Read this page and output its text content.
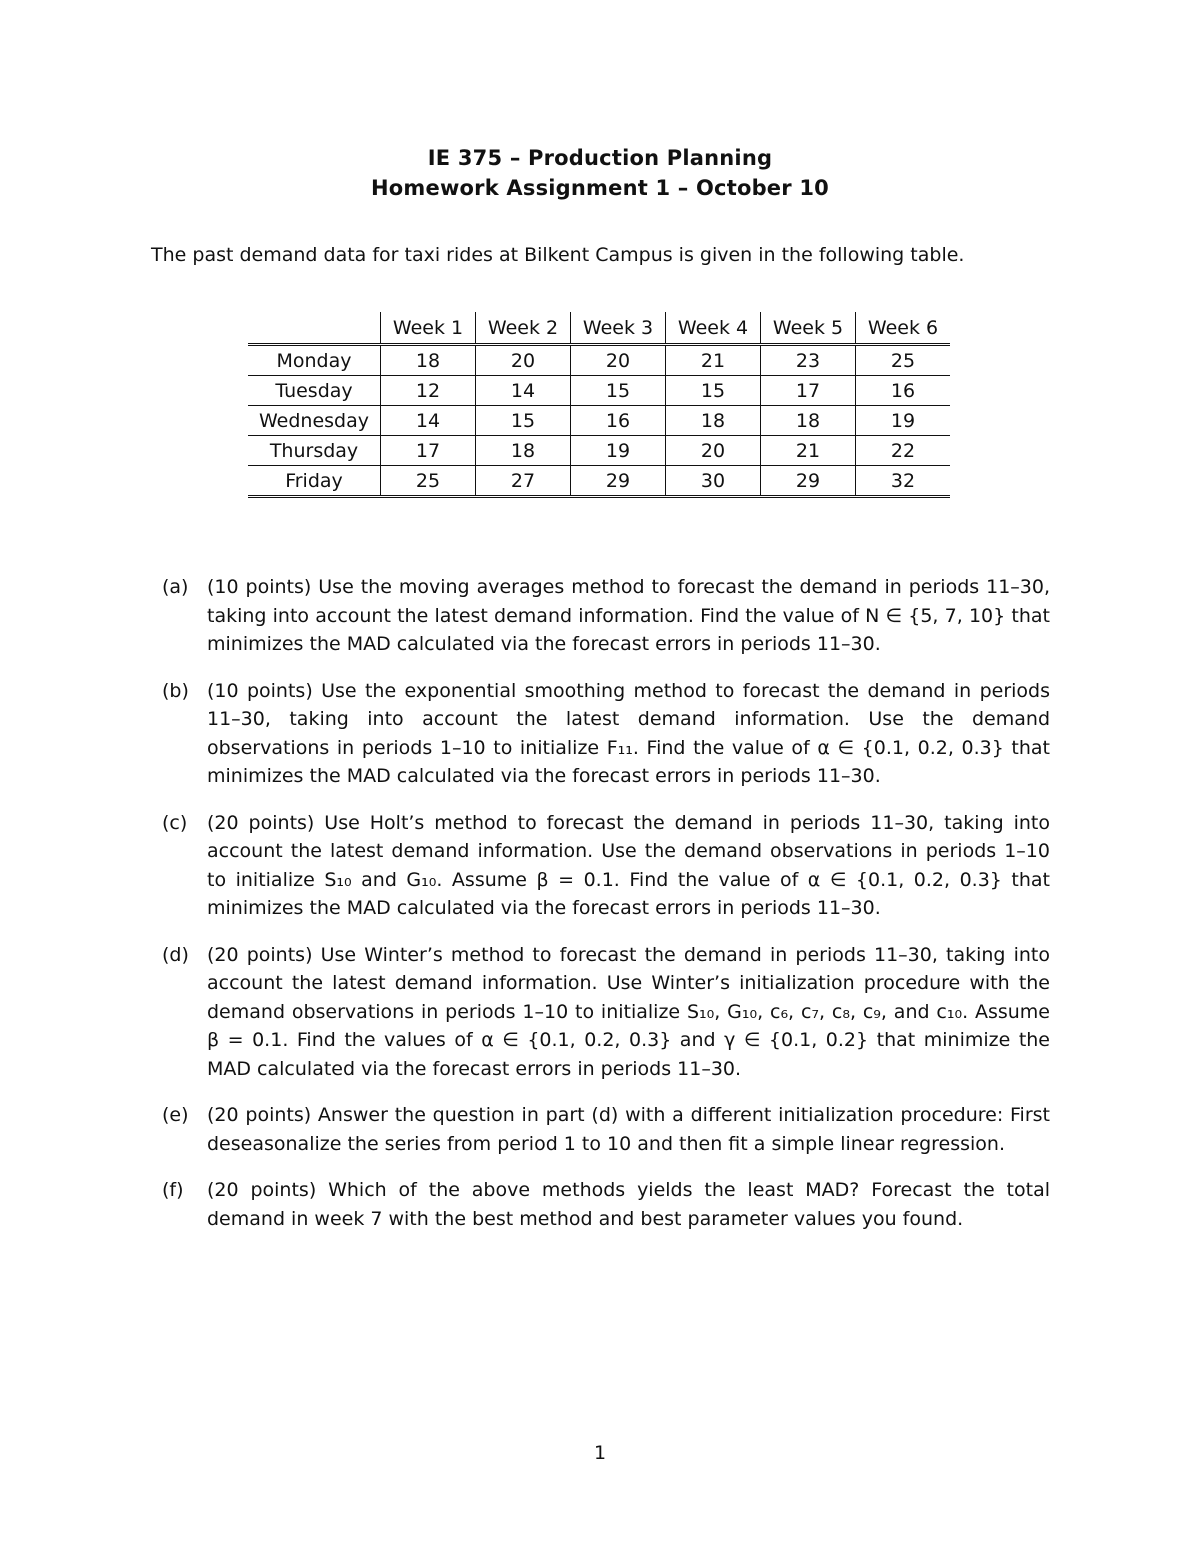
IE 375 – Production Planning
Homework Assignment 1 – October 10
The past demand data for taxi rides at Bilkent Campus is given in the following table.
	Week 1	Week 2	Week 3	Week 4	Week 5	Week 6
Monday	18	20	20	21	23	25
Tuesday	12	14	15	15	17	16
Wednesday	14	15	16	18	18	19
Thursday	17	18	19	20	21	22
Friday	25	27	29	30	29	32
(a) (10 points) Use the moving averages method to forecast the demand in periods 11–30, taking into account the latest demand information. Find the value of N ∈ {5, 7, 10} that minimizes the MAD calculated via the forecast errors in periods 11–30.
(b) (10 points) Use the exponential smoothing method to forecast the demand in periods 11–30, taking into account the latest demand information. Use the demand observations in periods 1–10 to initialize F₁₁. Find the value of α ∈ {0.1, 0.2, 0.3} that minimizes the MAD calculated via the forecast errors in periods 11–30.
(c)	(20 points) Use Holt’s method to forecast the demand in periods 11–30, taking into account the latest demand information. Use the demand observations in periods 1–10 to initialize S₁₀ and G₁₀. Assume β = 0.1. Find the value of α ∈ {0.1, 0.2, 0.3} that minimizes the MAD calculated via the forecast errors in periods 11–30.
(d) (20 points) Use Winter’s method to forecast the demand in periods 11–30, taking into account the latest demand information. Use Winter’s initialization procedure with the demand observations in periods 1–10 to initialize S₁₀, G₁₀, c₆, c₇, c₈, c₉, and c₁₀. Assume β = 0.1. Find the values of α ∈ {0.1, 0.2, 0.3} and γ ∈ {0.1, 0.2} that minimize the MAD calculated via the forecast errors in periods 11–30.
(e) (20 points) Answer the question in part (d) with a different initialization procedure: First deseasonalize the series from period 1 to 10 and then fit a simple linear regression.
(f)	(20 points) Which of the above methods yields the least MAD? Forecast the total demand in week 7 with the best method and best parameter values you found.
1
